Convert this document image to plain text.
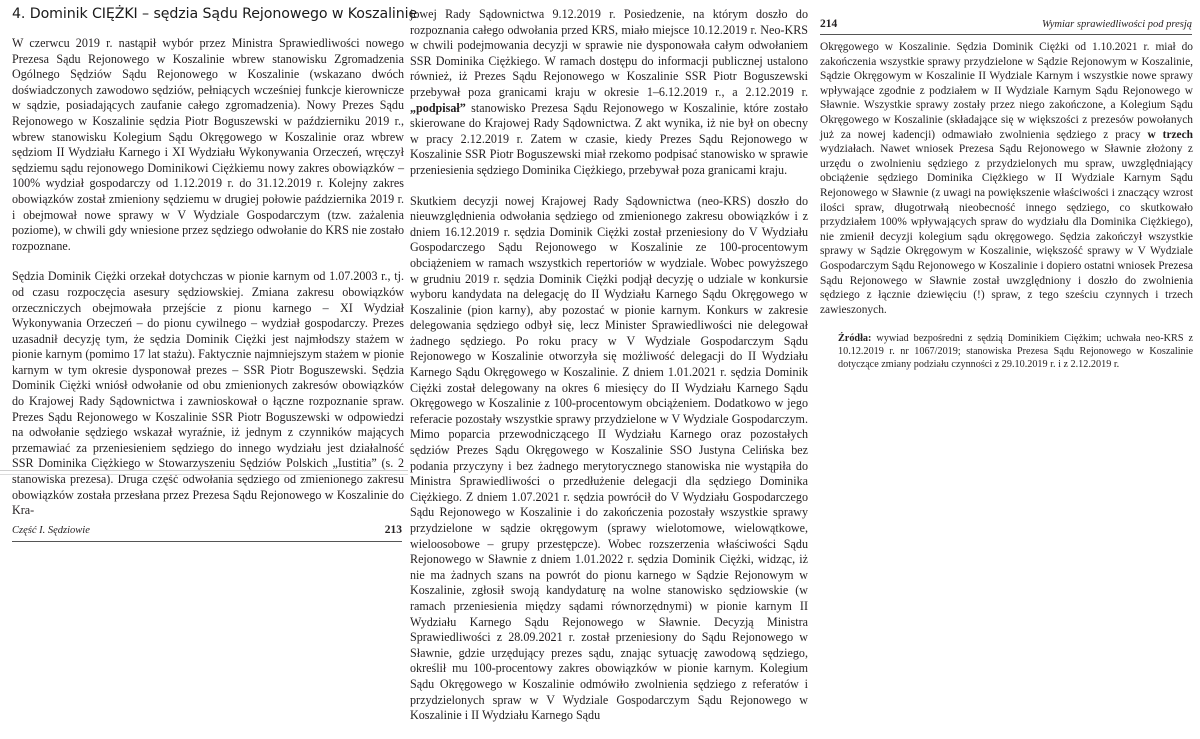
4. Dominik CIĘŻKI – sędzia Sądu Rejonowego w Koszalinie

W czerwcu 2019 r. nastąpił wybór przez Ministra Sprawiedliwości nowego Prezesa Sądu Rejonowego w Koszalinie wbrew stanowisku Zgromadzenia Ogólnego Sędziów Sądu Rejonowego w Koszalinie (wskazano dwóch doświadczonych zawodowo sędziów, pełniących wcześniej funkcje kierownicze w sądzie, posiadających zaufanie całego zgromadzenia). Nowy Prezes Sądu Rejonowego w Koszalinie sędzia Piotr Boguszewski w październiku 2019 r., wbrew stanowisku Kolegium Sądu Okręgowego w Koszalinie oraz wbrew sędziom II Wydziału Karnego i XI Wydziału Wykonywania Orzeczeń, wręczył sędziemu sądu rejonowego Dominikowi Ciężkiemu nowy zakres obowiązków – 100% wydział gospodarczy od 1.12.2019 r. do 31.12.2019 r. Kolejny zakres obowiązków został zmieniony sędziemu w drugiej połowie października 2019 r. i obejmował nowe sprawy w V Wydziale Gospodarczym (tzw. zażalenia poziome), w chwili gdy wniesione przez sędziego odwołanie do KRS nie zostało rozpoznane.

Sędzia Dominik Ciężki orzekał dotychczas w pionie karnym od 1.07.2003 r., tj. od czasu rozpoczęcia asesury sędziowskiej. Zmiana zakresu obowiązków orzeczniczych obejmowała przejście z pionu karnego – XI Wydział Wykonywania Orzeczeń – do pionu cywilnego – wydział gospodarczy. Prezes uzasadnił decyzję tym, że sędzia Dominik Ciężki jest najmłodszy stażem w pionie karnym (pomimo 17 lat stażu). Faktycznie najmniejszym stażem w pionie karnym w tym okresie dysponował prezes – SSR Piotr Boguszewski. Sędzia Dominik Ciężki wniósł odwołanie od obu zmienionych zakresów obowiązków do Krajowej Rady Sądownictwa i zawnioskował o łączne rozpoznanie spraw. Prezes Sądu Rejonowego w Koszalinie SSR Piotr Boguszewski w odpowiedzi na odwołanie sędziego wskazał wyraźnie, iż jednym z czynników mających przemawiać za przeniesieniem sędziego do innego wydziału jest działalność SSR Dominika Ciężkiego w Stowarzyszeniu Sędziów Polskich „Iustitia” (s. 2 stanowiska prezesa). Druga część odwołania sędziego od zmienionego zakresu obowiązków została przesłana przez Prezesa Sądu Rejonowego w Koszalinie do Kra-

Część I. Sędziowie	213

jowej Rady Sądownictwa 9.12.2019 r. Posiedzenie, na którym doszło do rozpoznania całego odwołania przed KRS, miało miejsce 10.12.2019 r. Neo-KRS w chwili podejmowania decyzji w sprawie nie dysponowała całym odwołaniem SSR Dominika Ciężkiego. W ramach dostępu do informacji publicznej ustalono również, iż Prezes Sądu Rejonowego w Koszalinie SSR Piotr Boguszewski przebywał poza granicami kraju w okresie 1–6.12.2019 r., a 2.12.2019 r. „podpisał” stanowisko Prezesa Sądu Rejonowego w Koszalinie, które zostało skierowane do Krajowej Rady Sądownictwa. Z akt wynika, iż nie był on obecny w pracy 2.12.2019 r. Zatem w czasie, kiedy Prezes Sądu Rejonowego w Koszalinie SSR Piotr Boguszewski miał rzekomo podpisać stanowisko w sprawie przeniesienia sędziego Dominika Ciężkiego, przebywał poza granicami kraju.

Skutkiem decyzji nowej Krajowej Rady Sądownictwa (neo-KRS) doszło do nieuwzględnienia odwołania sędziego od zmienionego zakresu obowiązków i z dniem 16.12.2019 r. sędzia Dominik Ciężki został przeniesiony do V Wydziału Gospodarczego Sądu Rejonowego w Koszalinie ze 100-procentowym obciążeniem w ramach wszystkich repertoriów w wydziale. Wobec powyższego w grudniu 2019 r. sędzia Dominik Ciężki podjął decyzję o udziale w konkursie wyboru kandydata na delegację do II Wydziału Karnego Sądu Okręgowego w Koszalinie (pion karny), aby pozostać w pionie karnym. Konkurs w zakresie delegowania sędziego odbył się, lecz Minister Sprawiedliwości nie delegował żadnego sędziego. Po roku pracy w V Wydziale Gospodarczym Sądu Rejonowego w Koszalinie otworzyła się możliwość delegacji do II Wydziału Karnego Sądu Okręgowego w Koszalinie. Z dniem 1.01.2021 r. sędzia Dominik Ciężki został delegowany na okres 6 miesięcy do II Wydziału Karnego Sądu Okręgowego w Koszalinie z 100-procentowym obciążeniem. Dodatkowo w jego referacie pozostały wszystkie sprawy przydzielone w V Wydziale Gospodarczym. Mimo poparcia przewodniczącego II Wydziału Karnego oraz pozostałych sędziów Prezes Sądu Okręgowego w Koszalinie SSO Justyna Celińska bez podania przyczyny i bez żadnego merytorycznego stanowiska nie wystąpiła do Ministra Sprawiedliwości o przedłużenie delegacji dla sędziego Dominika Ciężkiego. Z dniem 1.07.2021 r. sędzia powrócił do V Wydziału Gospodarczego Sądu Rejonowego w Koszalinie i do zakończenia pozostały wszystkie sprawy przydzielone w sądzie okręgowym (sprawy wielotomowe, wielowątkowe, wieloosobowe – grupy przestępcze). Wobec rozszerzenia właściwości Sądu Rejonowego w Sławnie z dniem 1.01.2022 r. sędzia Dominik Ciężki, widząc, iż nie ma żadnych szans na powrót do pionu karnego w Sądzie Rejonowym w Koszalinie, zgłosił swoją kandydaturę na wolne stanowisko sędziowskie (w ramach przeniesienia między sądami równorzędnymi) w pionie karnym II Wydziału Karnego Sądu Rejonowego w Sławnie. Decyzją Ministra Sprawiedliwości z 28.09.2021 r. został przeniesiony do Sądu Rejonowego w Sławnie, gdzie urzędujący prezes sądu, znając sytuację zawodową sędziego, określił mu 100-procentowy zakres obowiązków w pionie karnym. Kolegium Sądu Okręgowego w Koszalinie odmówiło zwolnienia sędziego z referatów i przydzielonych spraw w V Wydziale Gospodarczym Sądu Rejonowego w Koszalinie i II Wydziału Karnego Sądu

214	Wymiar sprawiedliwości pod presją

Okręgowego w Koszalinie. Sędzia Dominik Ciężki od 1.10.2021 r. miał do zakończenia wszystkie sprawy przydzielone w Sądzie Rejonowym w Koszalinie, Sądzie Okręgowym w Koszalinie II Wydziale Karnym i wszystkie nowe sprawy wpływające zgodnie z podziałem w II Wydziale Karnym Sądu Rejonowego w Sławnie. Wszystkie sprawy zostały przez niego zakończone, a Kolegium Sądu Okręgowego w Koszalinie (składające się w większości z prezesów powołanych już za nowej kadencji) odmawiało zwolnienia sędziego z pracy w trzech wydziałach. Nawet wniosek Prezesa Sądu Rejonowego w Sławnie złożony z urzędu o zwolnieniu sędziego z przydzielonych mu spraw, uwzględniający obciążenie sędziego Dominika Ciężkiego w II Wydziale Karnym Sądu Rejonowego w Sławnie (z uwagi na powiększenie właściwości i znaczący wzrost ilości spraw, długotrwałą nieobecność innego sędziego, co skutkowało przydziałem 100% wpływających spraw do wydziału dla Dominika Ciężkiego), nie zmienił decyzji kolegium sądu okręgowego. Sędzia zakończył wszystkie sprawy w Sądzie Okręgowym w Koszalinie, większość sprawy w V Wydziale Gospodarczym Sądu Rejonowego w Koszalinie i dopiero ostatni wniosek Prezesa Sądu Rejonowego w Sławnie został uwzględniony i doszło do zwolnienia sędziego z łącznie dziewięciu (!) spraw, z tego sześciu czynnych i trzech zawieszonych.

Źródła: wywiad bezpośredni z sędzią Dominikiem Ciężkim; uchwała neo-KRS z 10.12.2019 r. nr 1067/2019; stanowiska Prezesa Sądu Rejonowego w Koszalinie dotyczące zmiany podziału czynności z 29.10.2019 r. i z 2.12.2019 r.
